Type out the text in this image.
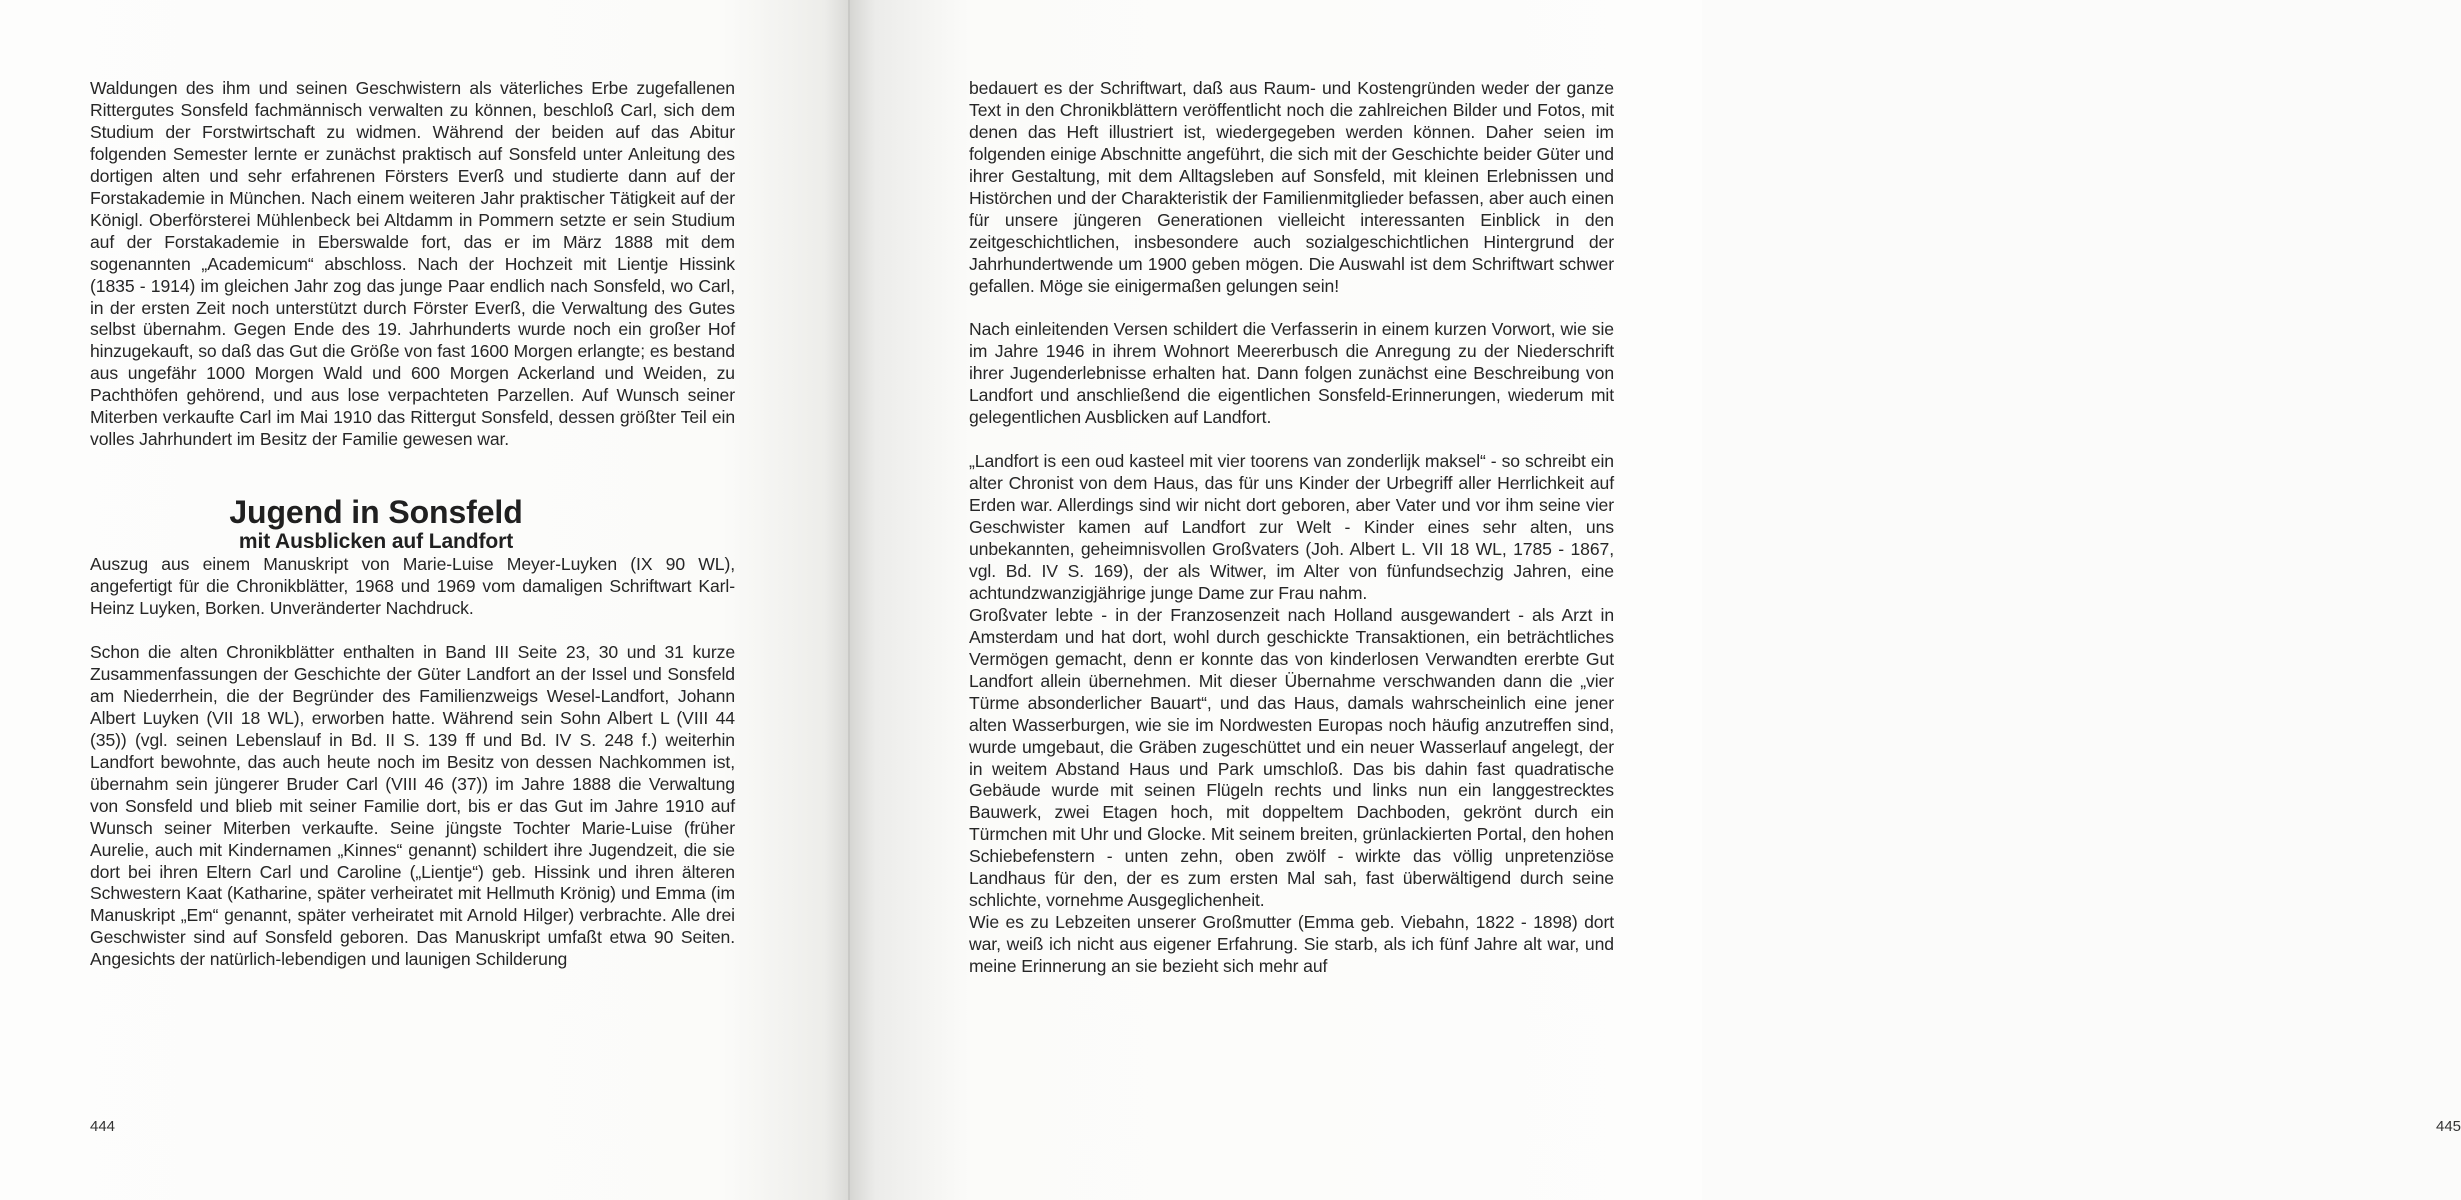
Waldungen des ihm und seinen Geschwistern als väterliches Erbe zugefallenen Rittergutes Sonsfeld fachmännisch verwalten zu können, beschloß Carl, sich dem Studium der Forstwirtschaft zu widmen. Während der beiden auf das Abitur folgenden Semester lernte er zunächst praktisch auf Sonsfeld unter Anleitung des dortigen alten und sehr erfahrenen Försters Everß und studierte dann auf der Forstakademie in München. Nach einem weiteren Jahr praktischer Tätigkeit auf der Königl. Oberförsterei Mühlenbeck bei Altdamm in Pommern setzte er sein Studium auf der Forstakademie in Eberswalde fort, das er im März 1888 mit dem sogenannten „Academicum“ abschloss. Nach der Hochzeit mit Lientje Hissink (1835 - 1914) im gleichen Jahr zog das junge Paar endlich nach Sonsfeld, wo Carl, in der ersten Zeit noch unterstützt durch Förster Everß, die Verwaltung des Gutes selbst übernahm. Gegen Ende des 19. Jahrhunderts wurde noch ein großer Hof hinzugekauft, so daß das Gut die Größe von fast 1600 Morgen erlangte; es bestand aus ungefähr 1000 Morgen Wald und 600 Morgen Ackerland und Weiden, zu Pachthöfen gehörend, und aus lose verpachteten Parzellen. Auf Wunsch seiner Miterben verkaufte Carl im Mai 1910 das Rittergut Sonsfeld, dessen größter Teil ein volles Jahrhundert im Besitz der Familie gewesen war.

Jugend in Sonsfeld
mit Ausblicken auf Landfort

Auszug aus einem Manuskript von Marie-Luise Meyer-Luyken (IX 90 WL), angefertigt für die Chronikblätter, 1968 und 1969 vom damaligen Schriftwart Karl-Heinz Luyken, Borken. Unveränderter Nachdruck.

Schon die alten Chronikblätter enthalten in Band III Seite 23, 30 und 31 kurze Zusammenfassungen der Geschichte der Güter Landfort an der Issel und Sonsfeld am Niederrhein, die der Begründer des Familienzweigs Wesel-Landfort, Johann Albert Luyken (VII 18 WL), erworben hatte. Während sein Sohn Albert L (VIII 44 (35)) (vgl. seinen Lebenslauf in Bd. II S. 139 ff und Bd. IV S. 248 f.) weiterhin Landfort bewohnte, das auch heute noch im Besitz von dessen Nachkommen ist, übernahm sein jüngerer Bruder Carl (VIII 46 (37)) im Jahre 1888 die Verwaltung von Sonsfeld und blieb mit seiner Familie dort, bis er das Gut im Jahre 1910 auf Wunsch seiner Miterben verkaufte. Seine jüngste Tochter Marie-Luise (früher Aurelie, auch mit Kindernamen „Kinnes“ genannt) schildert ihre Jugendzeit, die sie dort bei ihren Eltern Carl und Caroline („Lientje“) geb. Hissink und ihren älteren Schwestern Kaat (Katharine, später verheiratet mit Hellmuth Krönig) und Emma (im Manuskript „Em“ genannt, später verheiratet mit Arnold Hilger) verbrachte. Alle drei Geschwister sind auf Sonsfeld geboren. Das Manuskript umfaßt etwa 90 Seiten. Angesichts der natürlich-lebendigen und launigen Schilderung

444	445

bedauert es der Schriftwart, daß aus Raum- und Kostengründen weder der ganze Text in den Chronikblättern veröffentlicht noch die zahlreichen Bilder und Fotos, mit denen das Heft illustriert ist, wiedergegeben werden können. Daher seien im folgenden einige Abschnitte angeführt, die sich mit der Geschichte beider Güter und ihrer Gestaltung, mit dem Alltagsleben auf Sonsfeld, mit kleinen Erlebnissen und Histörchen und der Charakteristik der Familienmitglieder befassen, aber auch einen für unsere jüngeren Generationen vielleicht interessanten Einblick in den zeitgeschichtlichen, insbesondere auch sozialgeschichtlichen Hintergrund der Jahrhundertwende um 1900 geben mögen. Die Auswahl ist dem Schriftwart schwer gefallen. Möge sie einigermaßen gelungen sein!

Nach einleitenden Versen schildert die Verfasserin in einem kurzen Vorwort, wie sie im Jahre 1946 in ihrem Wohnort Meererbusch die Anregung zu der Niederschrift ihrer Jugenderlebnisse erhalten hat. Dann folgen zunächst eine Beschreibung von Landfort und anschließend die eigentlichen Sonsfeld-Erinnerungen, wiederum mit gelegentlichen Ausblicken auf Landfort.

„Landfort is een oud kasteel mit vier toorens van zonderlijk maksel“ - so schreibt ein alter Chronist von dem Haus, das für uns Kinder der Urbegriff aller Herrlichkeit auf Erden war. Allerdings sind wir nicht dort geboren, aber Vater und vor ihm seine vier Geschwister kamen auf Landfort zur Welt - Kinder eines sehr alten, uns unbekannten, geheimnisvollen Großvaters (Joh. Albert L. VII 18 WL, 1785 - 1867, vgl. Bd. IV S. 169), der als Witwer, im Alter von fünfundsechzig Jahren, eine achtundzwanzigjährige junge Dame zur Frau nahm.

Großvater lebte - in der Franzosenzeit nach Holland ausgewandert - als Arzt in Amsterdam und hat dort, wohl durch geschickte Transaktionen, ein beträchtliches Vermögen gemacht, denn er konnte das von kinderlosen Verwandten ererbte Gut Landfort allein übernehmen. Mit dieser Übernahme verschwanden dann die „vier Türme absonderlicher Bauart“, und das Haus, damals wahrscheinlich eine jener alten Wasserburgen, wie sie im Nordwesten Europas noch häufig anzutreffen sind, wurde umgebaut, die Gräben zugeschüttet und ein neuer Wasserlauf angelegt, der in weitem Abstand Haus und Park umschloß. Das bis dahin fast quadratische Gebäude wurde mit seinen Flügeln rechts und links nun ein langgestrecktes Bauwerk, zwei Etagen hoch, mit doppeltem Dachboden, gekrönt durch ein Türmchen mit Uhr und Glocke. Mit seinem breiten, grünlackierten Portal, den hohen Schiebefenstern - unten zehn, oben zwölf - wirkte das völlig unpretenziöse Landhaus für den, der es zum ersten Mal sah, fast überwältigend durch seine schlichte, vornehme Ausgeglichenheit.

Wie es zu Lebzeiten unserer Großmutter (Emma geb. Viebahn, 1822 - 1898) dort war, weiß ich nicht aus eigener Erfahrung. Sie starb, als ich fünf Jahre alt war, und meine Erinnerung an sie bezieht sich mehr auf
